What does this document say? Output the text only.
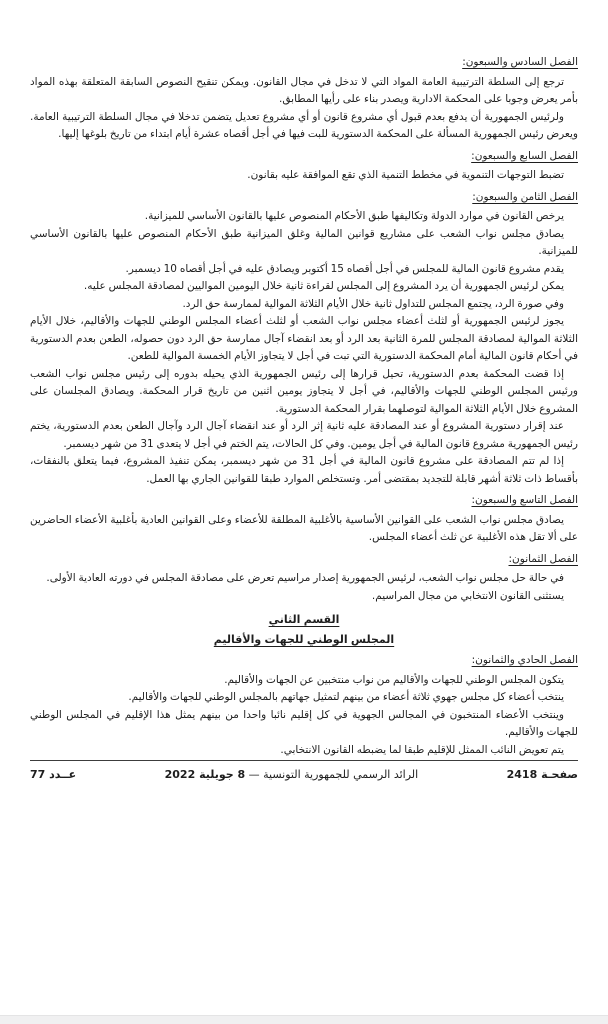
الفصل السادس والسبعون:

ترجع إلى السلطة الترتيبية العامة المواد التي لا تدخل في مجال القانون. ويمكن تنقيح النصوص السابقة المتعلقة بهذه المواد بأمر يعرض وجوبا على المحكمة الادارية ويصدر بناء على رأيها المطابق.

ولرئيس الجمهورية أن يدفع بعدم قبول أي مشروع قانون أو أي مشروع تعديل يتضمن تدخلا في مجال السلطة الترتيبية العامة. ويعرض رئيس الجمهورية المسألة على المحكمة الدستورية للبت فيها في أجل أقصاه عشرة أيام ابتداء من تاريخ بلوغها إليها.

الفصل السابع والسبعون:

تضبط التوجهات التنموية في مخطط التنمية الذي تقع الموافقة عليه بقانون.

الفصل الثامن والسبعون:

يرخص القانون في موارد الدولة وتكاليفها طبق الأحكام المنصوص عليها بالقانون الأساسي للميزانية.

يصادق مجلس نواب الشعب على مشاريع قوانين المالية وغلق الميزانية طبق الأحكام المنصوص عليها بالقانون الأساسي للميزانية.

يقدم مشروع قانون المالية للمجلس في أجل أقصاه 15 أكتوبر ويصادق عليه في أجل أقصاه 10 ديسمبر.

يمكن لرئيس الجمهورية أن يرد المشروع إلى المجلس لقراءة ثانية خلال اليومين المواليين لمصادقة المجلس عليه.

وفي صورة الرد، يجتمع المجلس للتداول ثانية خلال الأيام الثلاثة الموالية لممارسة حق الرد.

يجوز لرئيس الجمهورية أو لثلث أعضاء مجلس نواب الشعب أو لثلث أعضاء المجلس الوطني للجهات والأقاليم، خلال الأيام الثلاثة الموالية لمصادقة المجلس للمرة الثانية بعد الرد أو بعد انقضاء آجال ممارسة حق الرد دون حصوله، الطعن بعدم الدستورية في أحكام قانون المالية أمام المحكمة الدستورية التي تبت في أجل لا يتجاوز الأيام الخمسة الموالية للطعن.

إذا قضت المحكمة بعدم الدستورية، تحيل قرارها إلى رئيس الجمهورية الذي يحيله بدوره إلى رئيس مجلس نواب الشعب ورئيس المجلس الوطني للجهات والأقاليم، في أجل لا يتجاوز يومين اثنين من تاريخ قرار المحكمة. ويصادق المجلسان على المشروع خلال الأيام الثلاثة الموالية لتوصلهما بقرار المحكمة الدستورية.

عند إقرار دستورية المشروع أو عند المصادقة عليه ثانية إثر الرد أو عند انقضاء آجال الرد وآجال الطعن بعدم الدستورية، يختم رئيس الجمهورية مشروع قانون المالية في أجل يومين. وفي كل الحالات، يتم الختم في أجل لا يتعدى 31 من شهر ديسمبر.

إذا لم تتم المصادقة على مشروع قانون المالية في أجل 31 من شهر ديسمبر، يمكن تنفيذ المشروع، فيما يتعلق بالنفقات، بأقساط ذات ثلاثة أشهر قابلة للتجديد بمقتضى أمر. وتستخلص الموارد طبقا للقوانين الجاري بها العمل.

الفصل التاسع والسبعون:

يصادق مجلس نواب الشعب على القوانين الأساسية بالأغلبية المطلقة للأعضاء وعلى القوانين العادية بأغلبية الأعضاء الحاضرين على ألا تقل هذه الأغلبية عن ثلث أعضاء المجلس.

الفصل الثمانون:

في حالة حل مجلس نواب الشعب، لرئيس الجمهورية إصدار مراسيم تعرض على مصادقة المجلس في دورته العادية الأولى.

يستثنى القانون الانتخابي من مجال المراسيم.

القسم الثاني
المجلس الوطني للجهات والأقاليم
الفصل الحادي والثمانون:

يتكون المجلس الوطني للجهات والأقاليم من نواب منتخبين عن الجهات والأقاليم.

ينتخب أعضاء كل مجلس جهوي ثلاثة أعضاء من بينهم لتمثيل جهاتهم بالمجلس الوطني للجهات والأقاليم.

وينتخب الأعضاء المنتخبون في المجالس الجهوية في كل إقليم نائبا واحدا من بينهم يمثل هذا الإقليم في المجلس الوطني للجهات والأقاليم.

يتم تعويض النائب الممثل للإقليم طبقا لما يضبطه القانون الانتخابي.

صفحـة 2418
الرائد الرسمي للجمهورية التونسية — 8 جويلية 2022
عــدد 77
